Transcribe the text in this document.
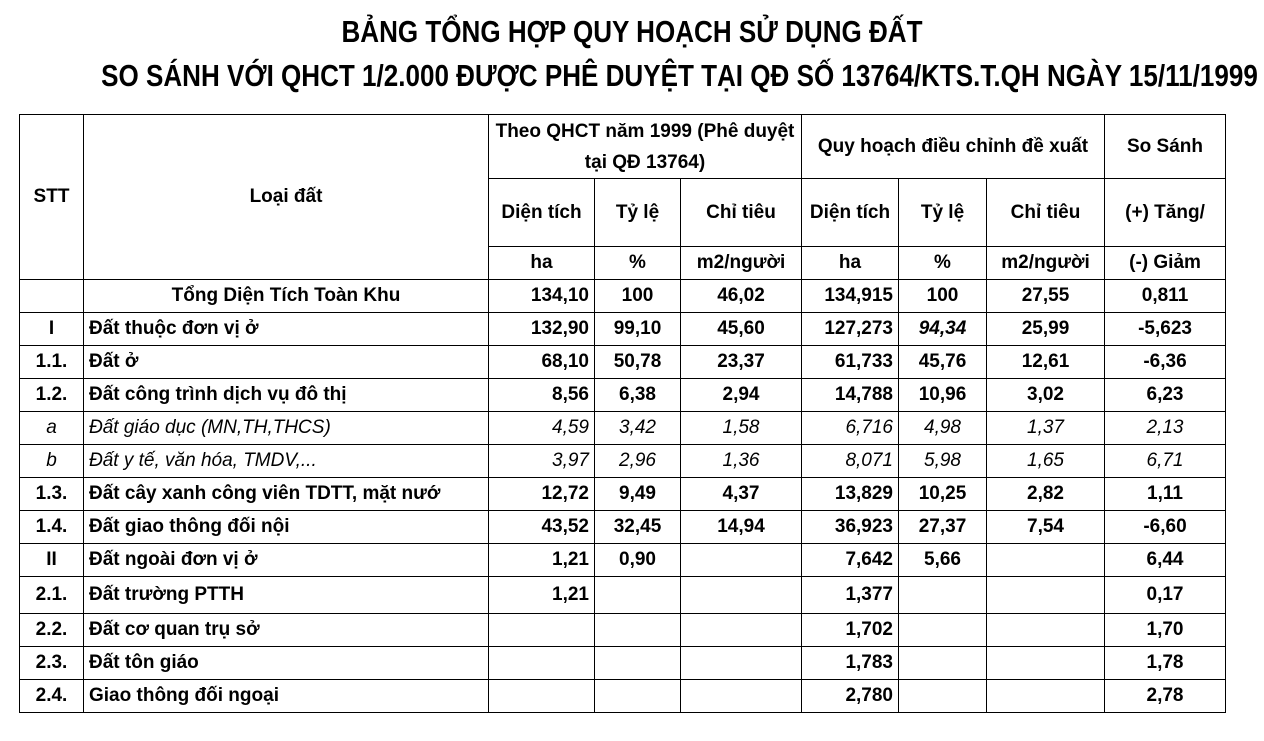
BẢNG TỔNG HỢP QUY HOẠCH SỬ DỤNG ĐẤT
SO SÁNH VỚI QHCT 1/2.000 ĐƯỢC PHÊ DUYỆT TẠI QĐ SỐ 13764/KTS.T.QH NGÀY 15/11/1999
STT	Loại đất	Theo QHCT năm 1999 (Phê duyệt tại QĐ 13764)			Quy hoạch điều chỉnh đề xuất			So Sánh
		Diện tích	Tỷ lệ	Chỉ tiêu	Diện tích	Tỷ lệ	Chỉ tiêu	(+) Tăng/
		ha	%	m2/người	ha	%	m2/người	(-) Giảm
	Tổng Diện Tích Toàn Khu	134,10	100	46,02	134,915	100	27,55	0,811
I	Đất thuộc đơn vị ở	132,90	99,10	45,60	127,273	94,34	25,99	-5,623
1.1.	Đất ở	68,10	50,78	23,37	61,733	45,76	12,61	-6,36
1.2.	Đất công trình dịch vụ đô thị	8,56	6,38	2,94	14,788	10,96	3,02	6,23
a	Đất giáo dục (MN,TH,THCS)	4,59	3,42	1,58	6,716	4,98	1,37	2,13
b	Đất y tế, văn hóa, TMDV,...	3,97	2,96	1,36	8,071	5,98	1,65	6,71
1.3.	Đất cây xanh công viên TDTT, mặt nướ	12,72	9,49	4,37	13,829	10,25	2,82	1,11
1.4.	Đất giao thông đối nội	43,52	32,45	14,94	36,923	27,37	7,54	-6,60
II	Đất ngoài đơn vị ở	1,21	0,90		7,642	5,66		6,44
2.1.	Đất trường PTTH	1,21			1,377			0,17
2.2.	Đất cơ quan trụ sở				1,702			1,70
2.3.	Đất tôn giáo				1,783			1,78
2.4.	Giao thông đối ngoại				2,780			2,78
